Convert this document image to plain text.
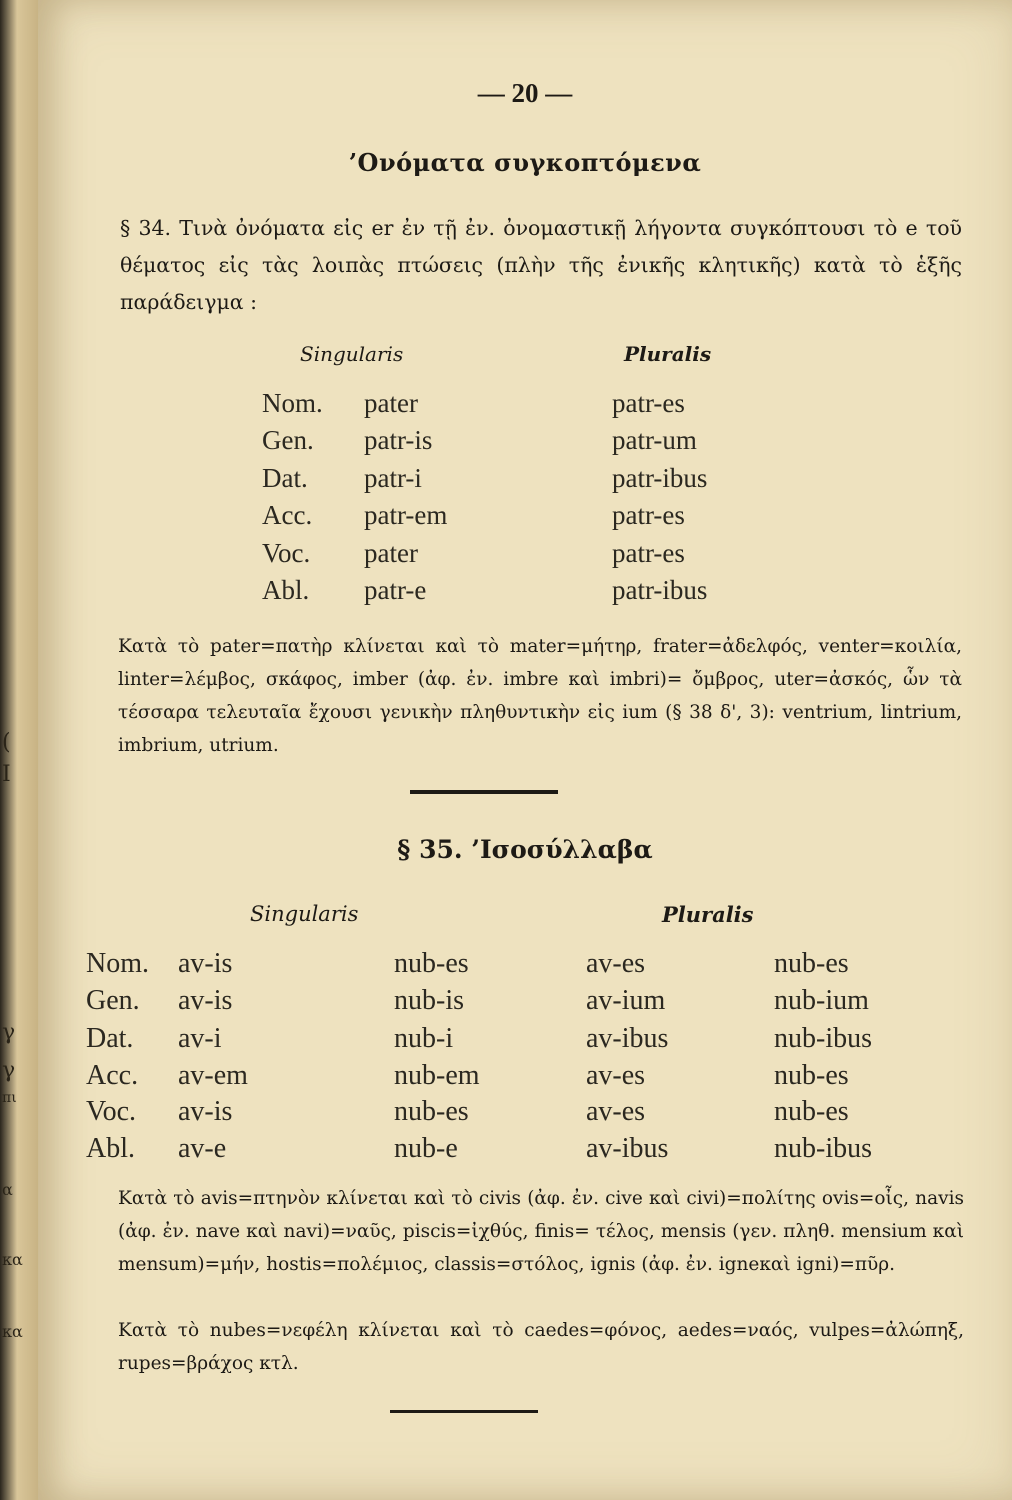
(
I
γ
γ
πι
α
κα
κα
— 20 —
’Ονόματα συγκοπτόμενα
§ 34. Τινὰ ὀνόματα εἰς er ἐν τῇ ἐν. ὀνομαστικῇ λήγοντα συγκόπτουσι τὸ e τοῦ θέματος εἰς τὰς λοιπὰς πτώσεις (πλὴν τῆς ἐνικῆς κλητικῆς) κατὰ τὸ ἑξῆς παράδειγμα :
Singularis	Pluralis
Nom. pater	patr-es
Gen. patr-is	patr-um
Dat. patr-i	patr-ibus
Acc. patr-em	patr-es
Voc. pater	patr-es
Abl. patr-e	patr-ibus
Κατὰ τὸ pater=πατὴρ κλίνεται καὶ τὸ mater=μήτηρ, frater=ἀδελφός, venter=κοιλία, linter=λέμβος, σκάφος, imber (ἀφ. ἐν. imbre καὶ imbri)= ὄμβρος, uter=ἀσκός, ὧν τὰ τέσσαρα τελευταῖα ἔχουσι γενικὴν πληθυντικὴν εἰς ium (§ 38 δ', 3): ventrium, lintrium, imbrium, utrium.
§ 35. ’Ισοσύλλαβα
Singularis	Pluralis
Nom. av-is	nub-es	av-es	nub-es
Gen. av-is	nub-is	av-ium	nub-ium
Dat. av-i	nub-i	av-ibus	nub-ibus
Acc. av-em	nub-em	av-es	nub-es
Voc. av-is	nub-es	av-es	nub-es
Abl. av-e	nub-e	av-ibus	nub-ibus
Κατὰ τὸ avis=πτηνὸν κλίνεται καὶ τὸ civis (ἀφ. ἐν. cive καὶ civi)=πολίτης ovis=οἶς, navis (ἀφ. ἐν. nave καὶ navi)=ναῦς, piscis=ἰχθύς, finis= τέλος, mensis (γεν. πληθ. mensium καὶ mensum)=μήν, hostis=πολέμιος, classis=στόλος, ignis (ἀφ. ἐν. igneκαὶ igni)=πῦρ.
Κατὰ τὸ nubes=νεφέλη κλίνεται καὶ τὸ caedes=φόνος, aedes=ναός, vulpes=ἀλώπηξ, rupes=βράχος κτλ.
